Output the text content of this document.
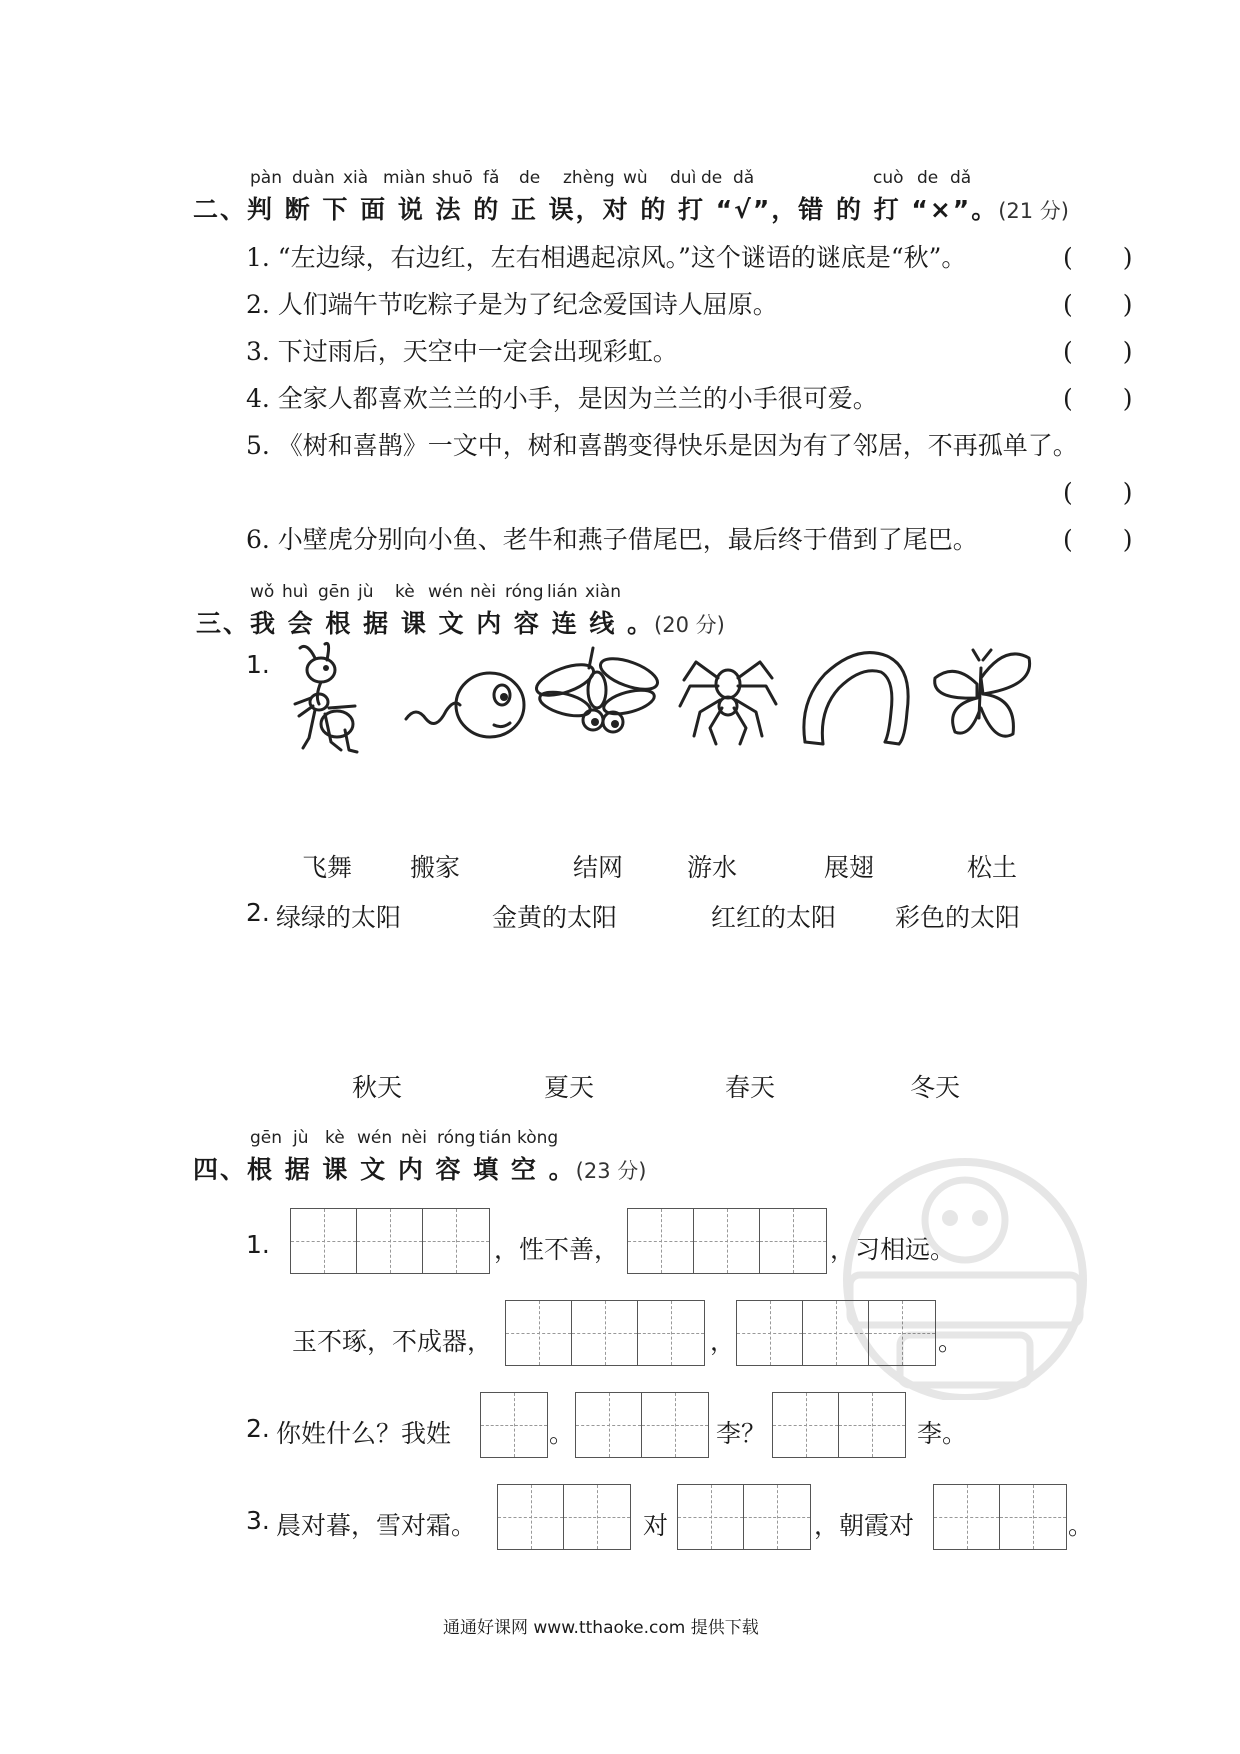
pàn duàn xià miàn shuō fǎ de zhèng wù duì de dǎ	cuò de dǎ
二、判 断 下 面 说 法 的 正 误，对 的 打 “√”，错 的 打 “×”。(21 分)
1. “左边绿，右边红，左右相遇起凉风。”这个谜语的谜底是“秋”。	(　　)
2. 人们端午节吃粽子是为了纪念爱国诗人屈原。	(　　)
3. 下过雨后，天空中一定会出现彩虹。	(　　)
4. 全家人都喜欢兰兰的小手，是因为兰兰的小手很可爱。	(　　)
5. 《树和喜鹊》一文中，树和喜鹊变得快乐是因为有了邻居，不再孤单了。
(　　)
6. 小壁虎分别向小鱼、老牛和燕子借尾巴，最后终于借到了尾巴。	(　　)
wǒ huì gēn jù kè wén nèi róng lián xiàn
三、我 会 根 据 课 文 内 容 连 线 。(20 分)
1.
飞舞 搬家	结网	游水	展翅	松土
2. 绿绿的太阳	金黄的太阳	红红的太阳 彩色的太阳
秋天	夏天	春天	冬天
gēn jù kè wén nèi róng tián kòng
四、根 据 课 文 内 容 填 空 。(23 分)
1.	，性不善，	，习相远。
玉不琢，不成器，	，	。
2. 你姓什么？我姓	。	李？	李。
3. 晨对暮，雪对霜。	对	，朝霞对	。
通通好课网 www.tthaoke.com 提供下载
